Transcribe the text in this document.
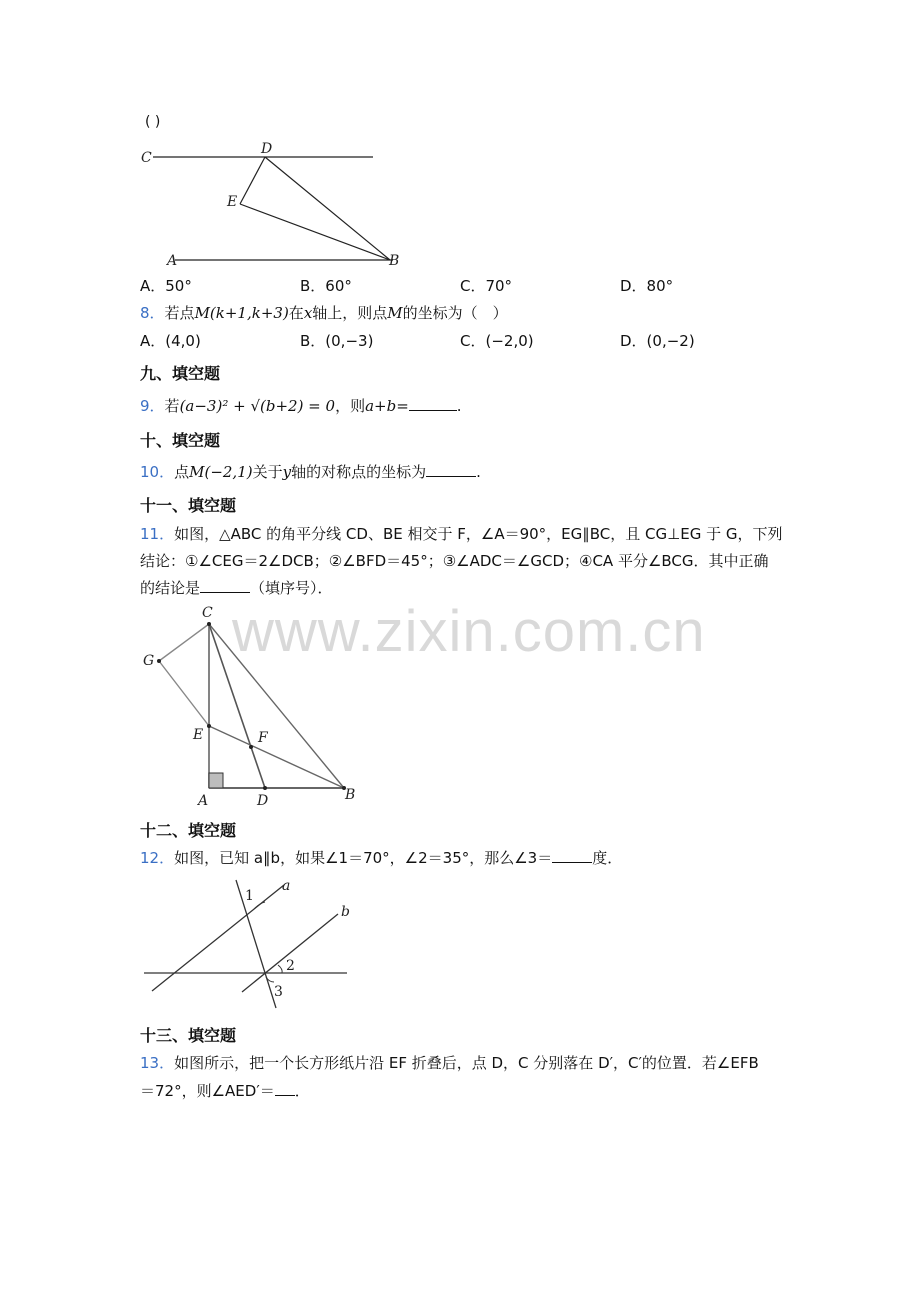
www.zixin.com.cn
( )
C
D
E
A	B
A．50°	B．60°	C．70°	D．80°
8．若点M(k+1,k+3)在x轴上，则点M的坐标为（　）
A．(4,0)	B．(0,−3)	C．(−2,0)	D．(0,−2)
九、填空题
9．若(a−3)² + √(b+2) = 0，则a+b=	.
十、填空题
10．点M(−2,1)关于y轴的对称点的坐标为	.
十一、填空题
11．如图，△ABC 的角平分线 CD、BE 相交于 F，∠A＝90°，EG∥BC，且 CG⊥EG 于 G，下列
结论：①∠CEG＝2∠DCB；②∠BFD＝45°；③∠ADC＝∠GCD；④CA 平分∠BCG．其中正确
的结论是	（填序号）．
C
G
E	F
A	D	B
十二、填空题
12．如图，已知 a∥b，如果∠1＝70°，∠2＝35°，那么∠3＝	度．
1
a
b
2
3
十三、填空题
13．如图所示，把一个长方形纸片沿 EF 折叠后，点 D，C 分别落在 D′，C′的位置．若∠EFB
＝72°，则∠AED′＝ ．
